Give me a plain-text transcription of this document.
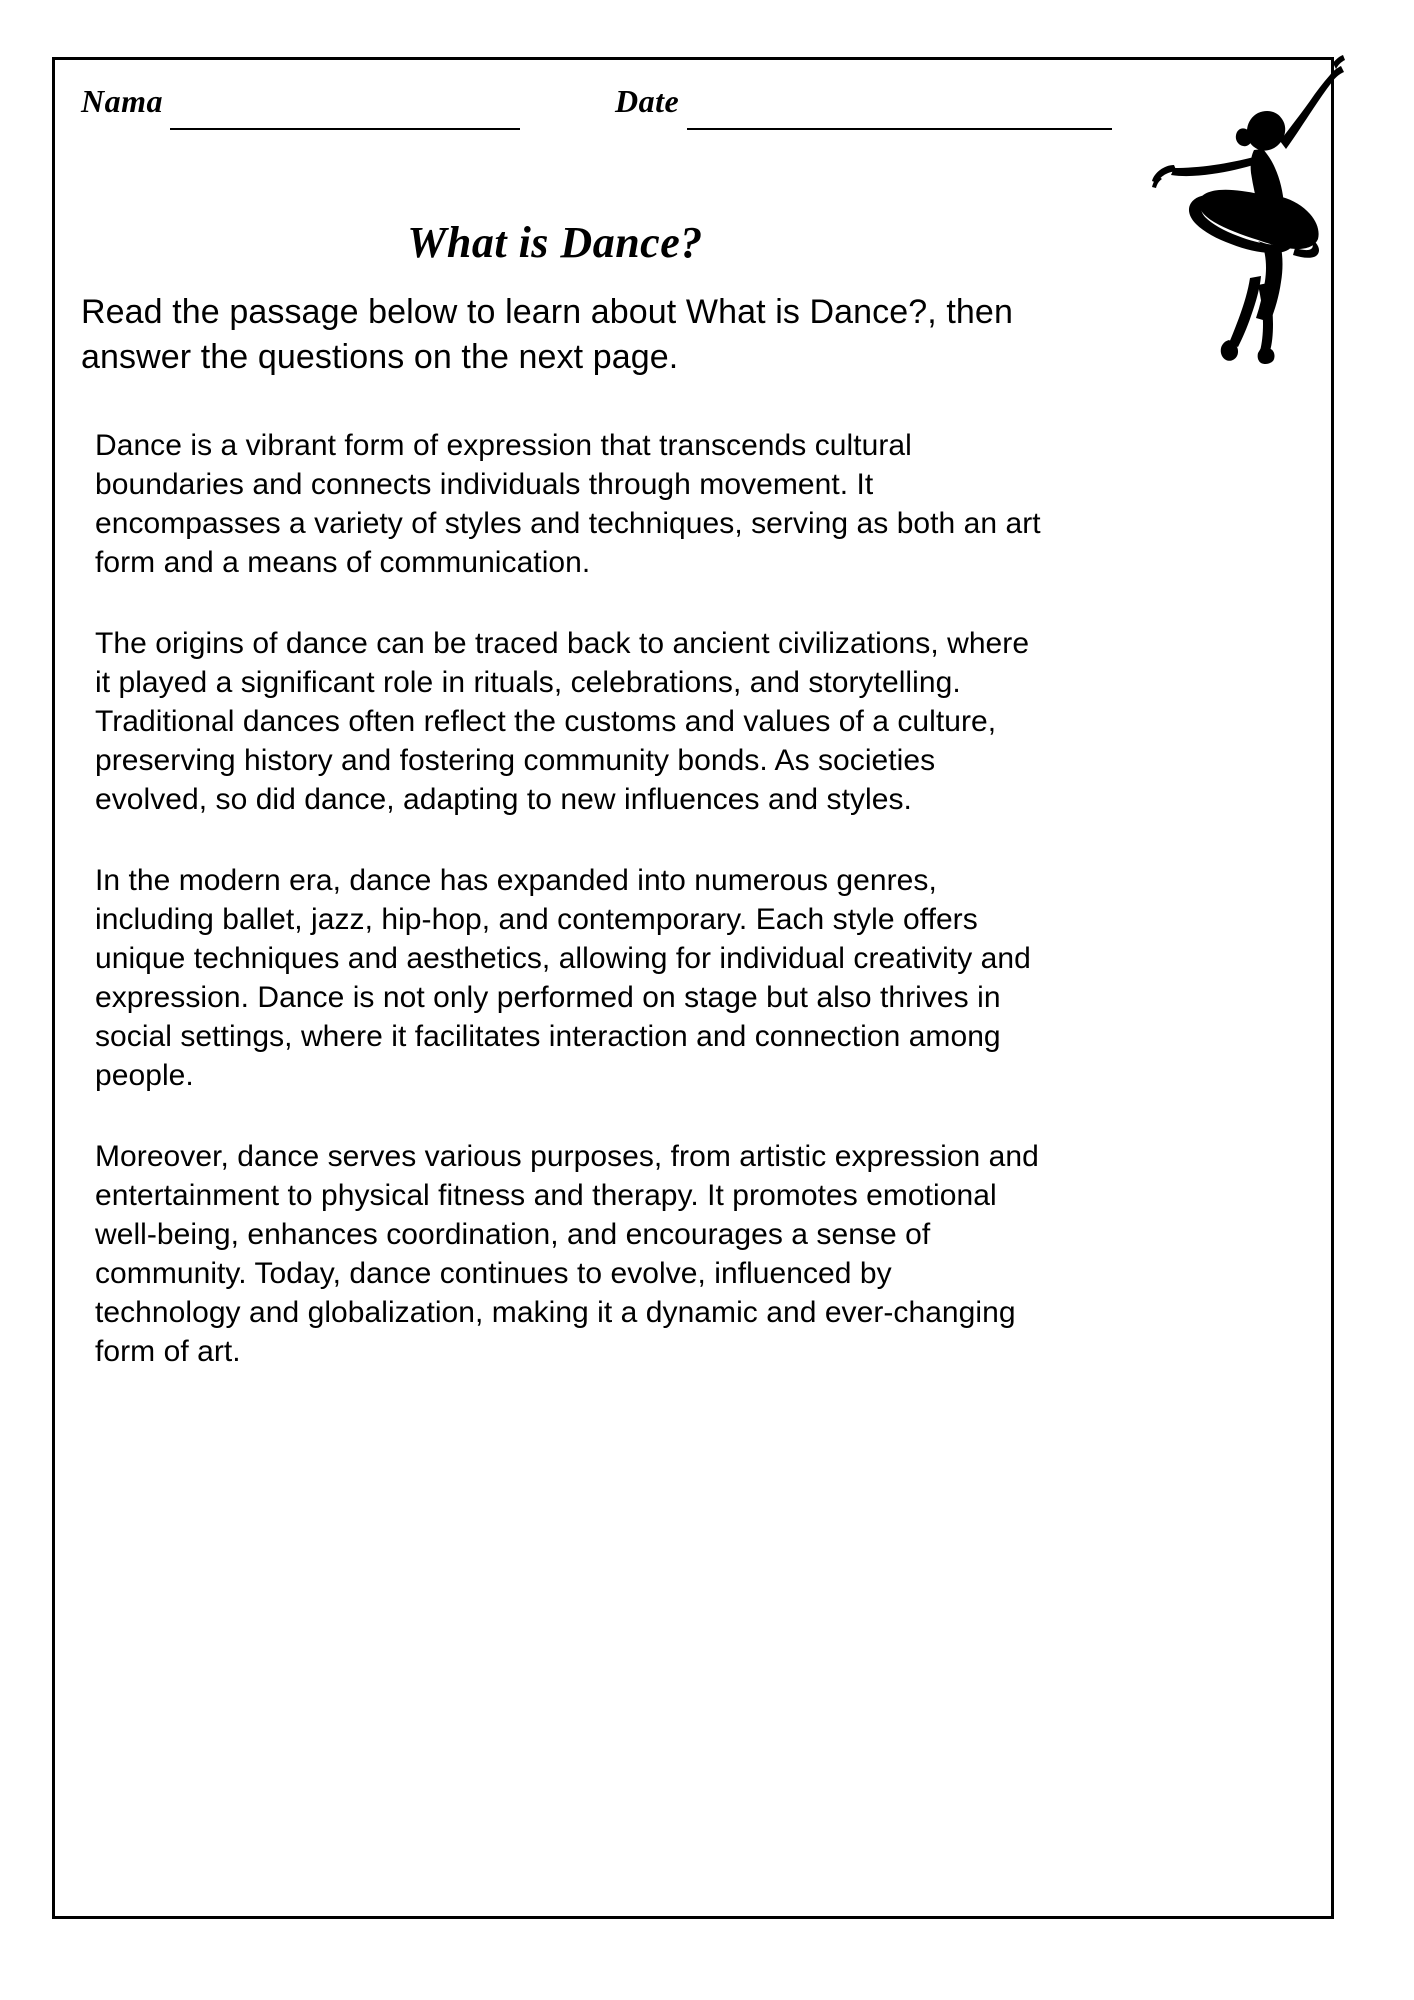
Nama	Date
What is Dance?

Read the passage below to learn about What is Dance?, then answer the questions on the next page.

Dance is a vibrant form of expression that transcends cultural boundaries and connects individuals through movement. It encompasses a variety of styles and techniques, serving as both an art form and a means of communication.

The origins of dance can be traced back to ancient civilizations, where it played a significant role in rituals, celebrations, and storytelling. Traditional dances often reflect the customs and values of a culture, preserving history and fostering community bonds. As societies evolved, so did dance, adapting to new influences and styles.

In the modern era, dance has expanded into numerous genres, including ballet, jazz, hip-hop, and contemporary. Each style offers unique techniques and aesthetics, allowing for individual creativity and expression. Dance is not only performed on stage but also thrives in social settings, where it facilitates interaction and connection among people.

Moreover, dance serves various purposes, from artistic expression and entertainment to physical fitness and therapy. It promotes emotional well-being, enhances coordination, and encourages a sense of community. Today, dance continues to evolve, influenced by technology and globalization, making it a dynamic and ever-changing form of art.
